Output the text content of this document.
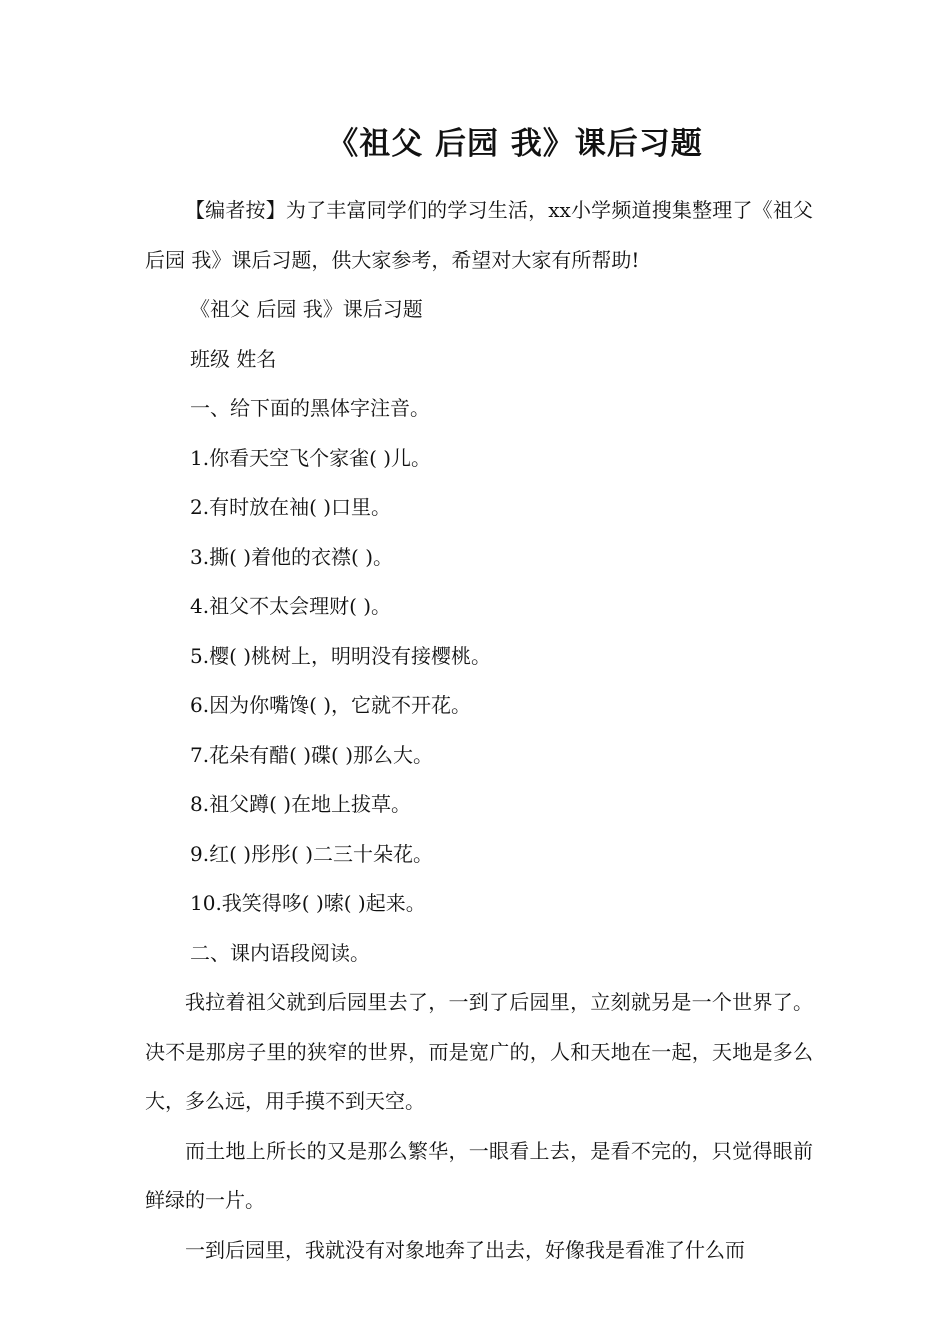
《祖父 后园 我》课后习题

【编者按】为了丰富同学们的学习生活，xx小学频道搜集整理了《祖父 后园 我》课后习题，供大家参考，希望对大家有所帮助!

《祖父 后园 我》课后习题

班级 姓名

一、给下面的黑体字注音。

1.你看天空飞个家雀( )儿。

2.有时放在袖( )口里。

3.撕( )着他的衣襟( )。

4.祖父不太会理财( )。

5.樱( )桃树上，明明没有接樱桃。

6.因为你嘴馋( )，它就不开花。

7.花朵有醋( )碟( )那么大。

8.祖父蹲( )在地上拔草。

9.红( )彤彤( )二三十朵花。

10.我笑得哆( )嗦( )起来。

二、课内语段阅读。

我拉着祖父就到后园里去了，一到了后园里，立刻就另是一个世界了。决不是那房子里的狭窄的世界，而是宽广的，人和天地在一起，天地是多么大，多么远，用手摸不到天空。

而土地上所长的又是那么繁华，一眼看上去，是看不完的，只觉得眼前鲜绿的一片。

一到后园里，我就没有对象地奔了出去，好像我是看准了什么而
